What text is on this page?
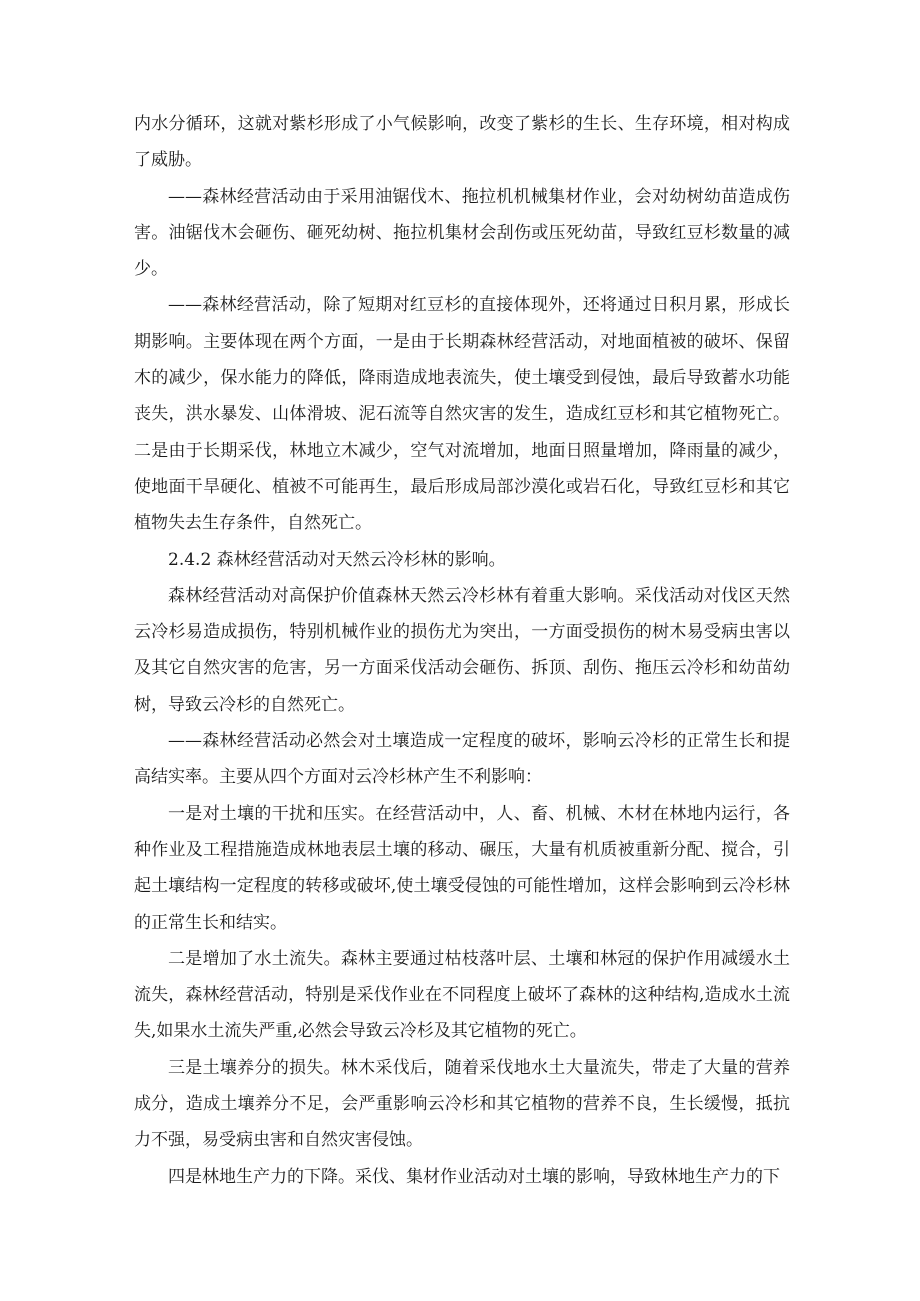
内水分循环，这就对紫杉形成了小气候影响，改变了紫杉的生长、生存环境，相对构成了威胁。

——森林经营活动由于采用油锯伐木、拖拉机机械集材作业，会对幼树幼苗造成伤害。油锯伐木会砸伤、砸死幼树、拖拉机集材会刮伤或压死幼苗，导致红豆杉数量的减少。

——森林经营活动，除了短期对红豆杉的直接体现外，还将通过日积月累，形成长期影响。主要体现在两个方面，一是由于长期森林经营活动，对地面植被的破坏、保留木的减少，保水能力的降低，降雨造成地表流失，使土壤受到侵蚀，最后导致蓄水功能丧失，洪水暴发、山体滑坡、泥石流等自然灾害的发生，造成红豆杉和其它植物死亡。二是由于长期采伐，林地立木减少，空气对流增加，地面日照量增加，降雨量的减少，使地面干旱硬化、植被不可能再生，最后形成局部沙漠化或岩石化，导致红豆杉和其它植物失去生存条件，自然死亡。

2.4.2 森林经营活动对天然云冷杉林的影响。

森林经营活动对高保护价值森林天然云冷杉林有着重大影响。采伐活动对伐区天然云冷杉易造成损伤，特别机械作业的损伤尤为突出，一方面受损伤的树木易受病虫害以及其它自然灾害的危害，另一方面采伐活动会砸伤、拆顶、刮伤、拖压云冷杉和幼苗幼树，导致云冷杉的自然死亡。

——森林经营活动必然会对土壤造成一定程度的破坏，影响云冷杉的正常生长和提高结实率。主要从四个方面对云冷杉林产生不利影响：

一是对土壤的干扰和压实。在经营活动中，人、畜、机械、木材在林地内运行，各种作业及工程措施造成林地表层土壤的移动、碾压，大量有机质被重新分配、搅合，引起土壤结构一定程度的转移或破坏,使土壤受侵蚀的可能性增加，这样会影响到云冷杉林的正常生长和结实。

二是增加了水土流失。森林主要通过枯枝落叶层、土壤和林冠的保护作用减缓水土流失，森林经营活动，特别是采伐作业在不同程度上破坏了森林的这种结构,造成水土流失,如果水土流失严重,必然会导致云冷杉及其它植物的死亡。

三是土壤养分的损失。林木采伐后，随着采伐地水土大量流失，带走了大量的营养成分，造成土壤养分不足，会严重影响云冷杉和其它植物的营养不良，生长缓慢，抵抗力不强，易受病虫害和自然灾害侵蚀。

四是林地生产力的下降。采伐、集材作业活动对土壤的影响，导致林地生产力的下
